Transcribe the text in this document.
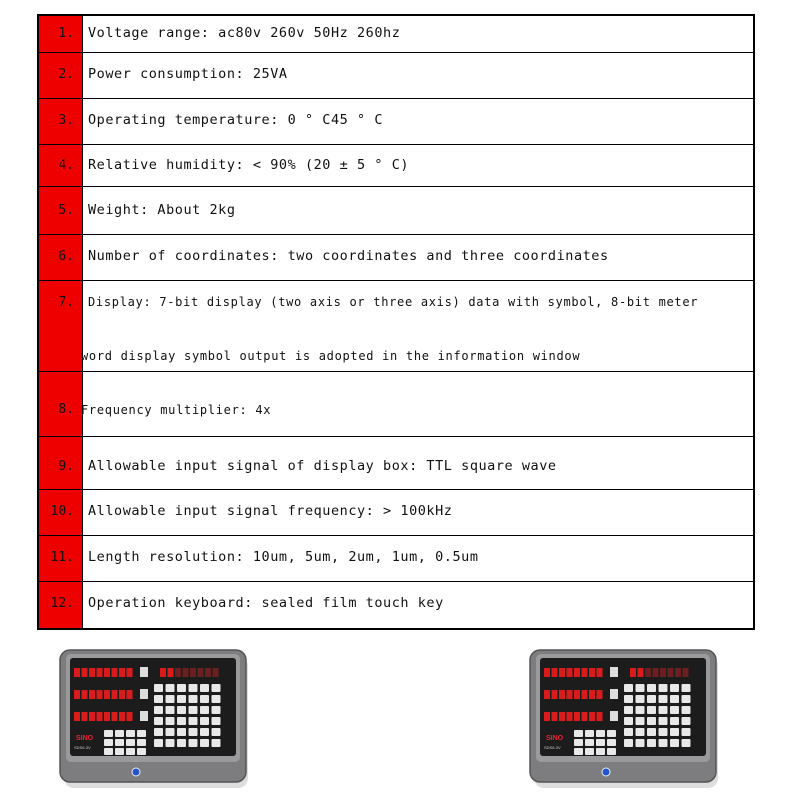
1. Voltage range: ac80v 260v 50Hz 260hz
2. Power consumption: 25VA
3. Operating temperature: 0 ° C45 ° C
4. Relative humidity: < 90% (20 ± 5 ° C)
5. Weight: About 2kg
6. Number of coordinates: two coordinates and three coordinates
7. Display: 7-bit display (two axis or three axis) data with symbol, 8-bit meter
word display symbol output is adopted in the information window
8. Frequency multiplier: 4x
9. Allowable input signal of display box: TTL square wave
10. Allowable input signal frequency: > 100kHz
11. Length resolution: 10um, 5um, 2um, 1um, 0.5um
12. Operation keyboard: sealed film touch key
SINO
SDS6-3V
SINO
SDS6-3V
